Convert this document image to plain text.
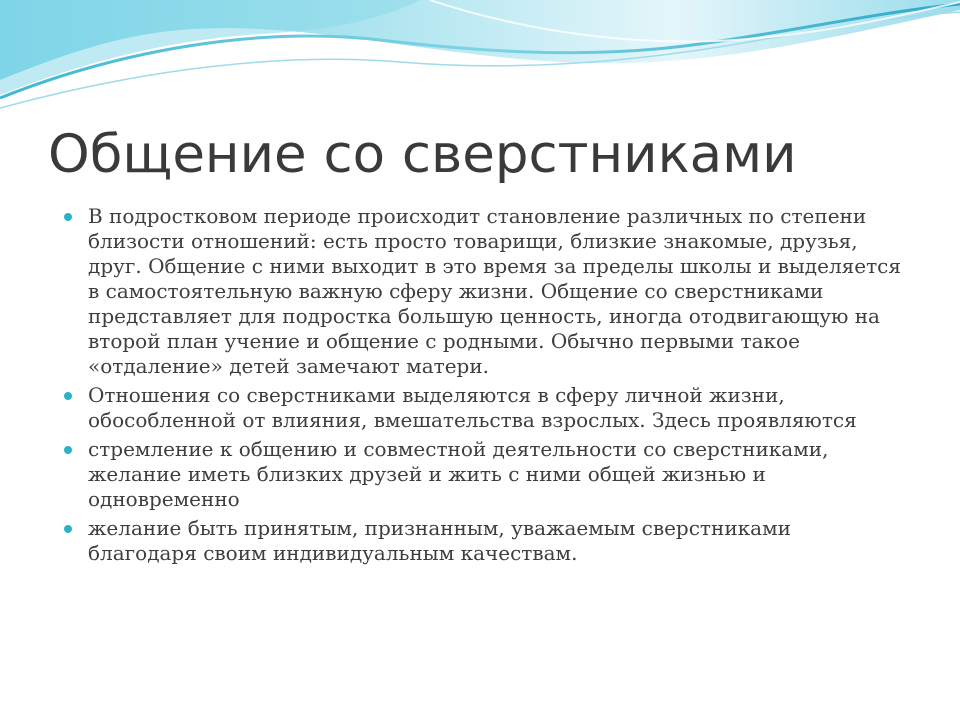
Общение со сверстниками
В подростковом периоде происходит становление различных по степени близости отношений: есть просто товарищи, близкие знакомые, друзья, друг. Общение с ними выходит в это время за пределы школы и выделяется в самостоятельную важную сферу жизни. Общение со сверстниками представляет для подростка большую ценность, иногда отодвигающую на второй план учение и общение с родными. Обычно первыми такое «отдаление» детей замечают матери.
Отношения со сверстниками выделяются в сферу личной жизни, обособленной от влияния, вмешательства взрослых. Здесь проявляются
стремление к общению и совместной деятельности со сверстниками, желание иметь близких друзей и жить с ними общей жизнью и одновременно
желание быть принятым, признанным, уважаемым сверстниками благодаря своим индивидуальным качествам.
